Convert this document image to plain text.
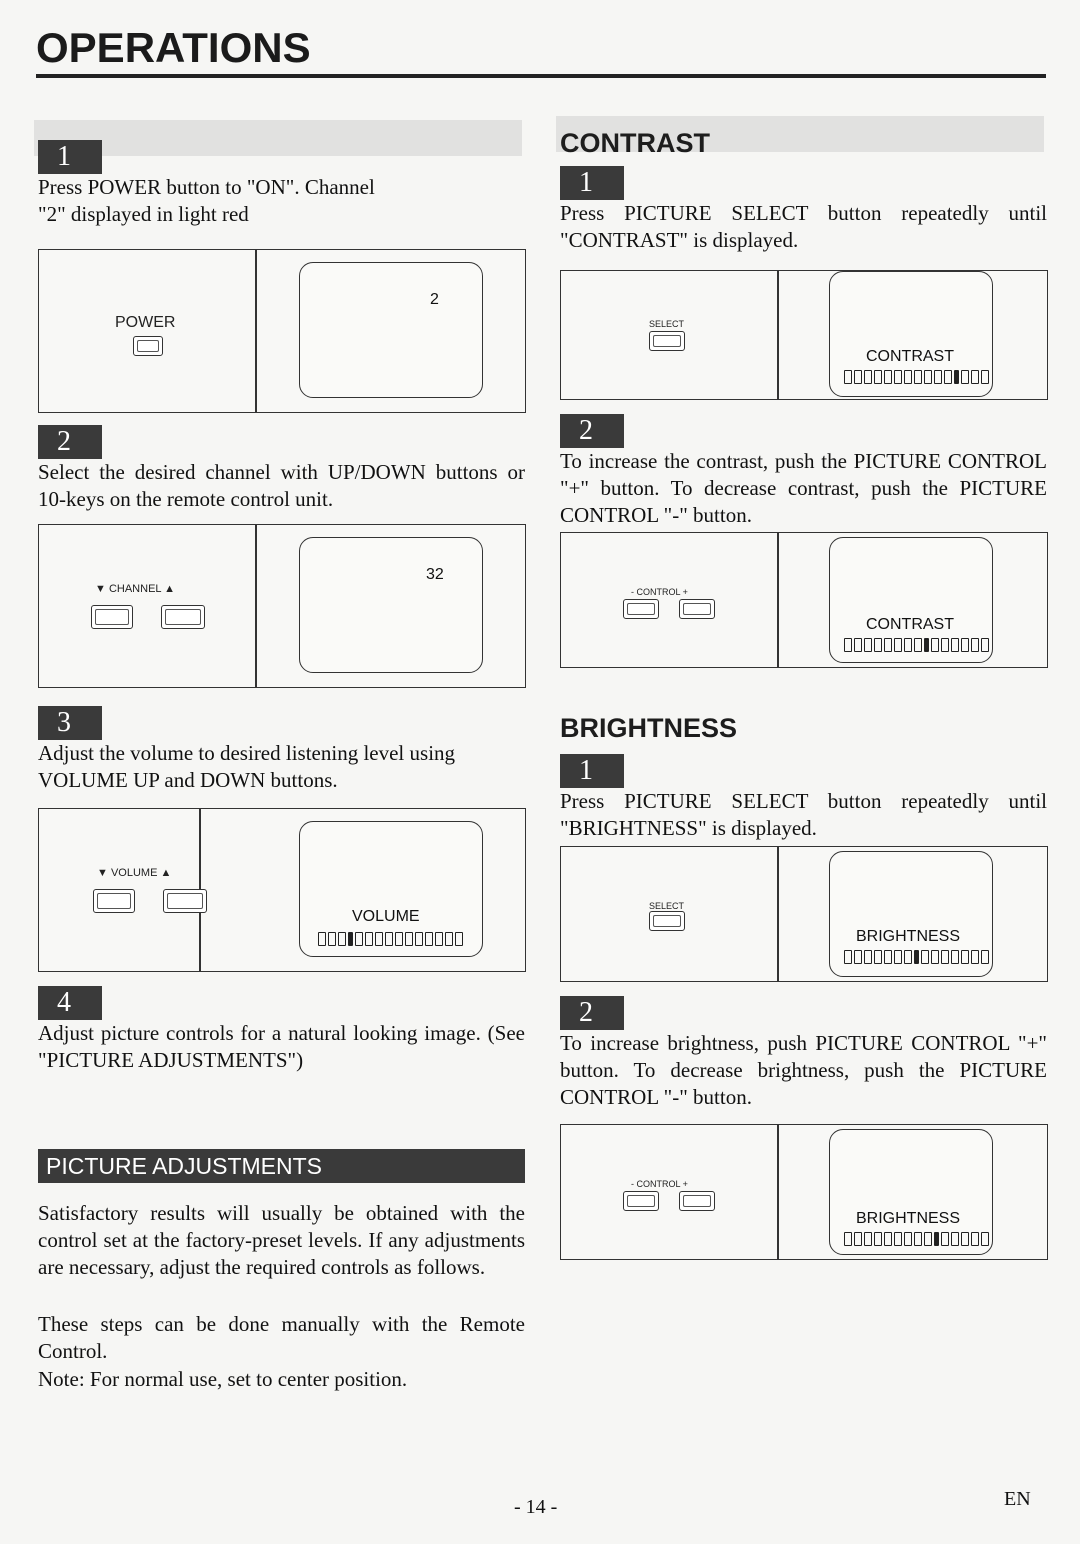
OPERATIONS
1
Press POWER button to "ON". Channel "2" displayed in light red
POWER
2
2
Select the desired channel with UP/DOWN buttons or 10-keys on the remote control unit.
▼ CHANNEL ▲
32
3
Adjust the volume to desired listening level using VOLUME UP and DOWN buttons.
▼ VOLUME ▲
VOLUME
4
Adjust picture controls for a natural looking image. (See "PICTURE ADJUSTMENTS")
PICTURE ADJUSTMENTS
Satisfactory results will usually be obtained with the control set at the factory-preset levels. If any adjustments are necessary, adjust the required controls as follows.
These steps can be done manually with the Remote Control.
Note: For normal use, set to center position.
CONTRAST
1
Press PICTURE SELECT button repeatedly until "CONTRAST" is displayed.
SELECT
CONTRAST
2
To increase the contrast, push the PICTURE CONTROL "+" button. To decrease contrast, push the PICTURE CONTROL "-" button.
- CONTROL +
CONTRAST
BRIGHTNESS
1
Press PICTURE SELECT button repeatedly until "BRIGHTNESS" is displayed.
SELECT
BRIGHTNESS
2
To increase brightness, push PICTURE CONTROL "+" button. To decrease brightness, push the PICTURE CONTROL "-" button.
- CONTROL +
BRIGHTNESS
- 14 -	EN
